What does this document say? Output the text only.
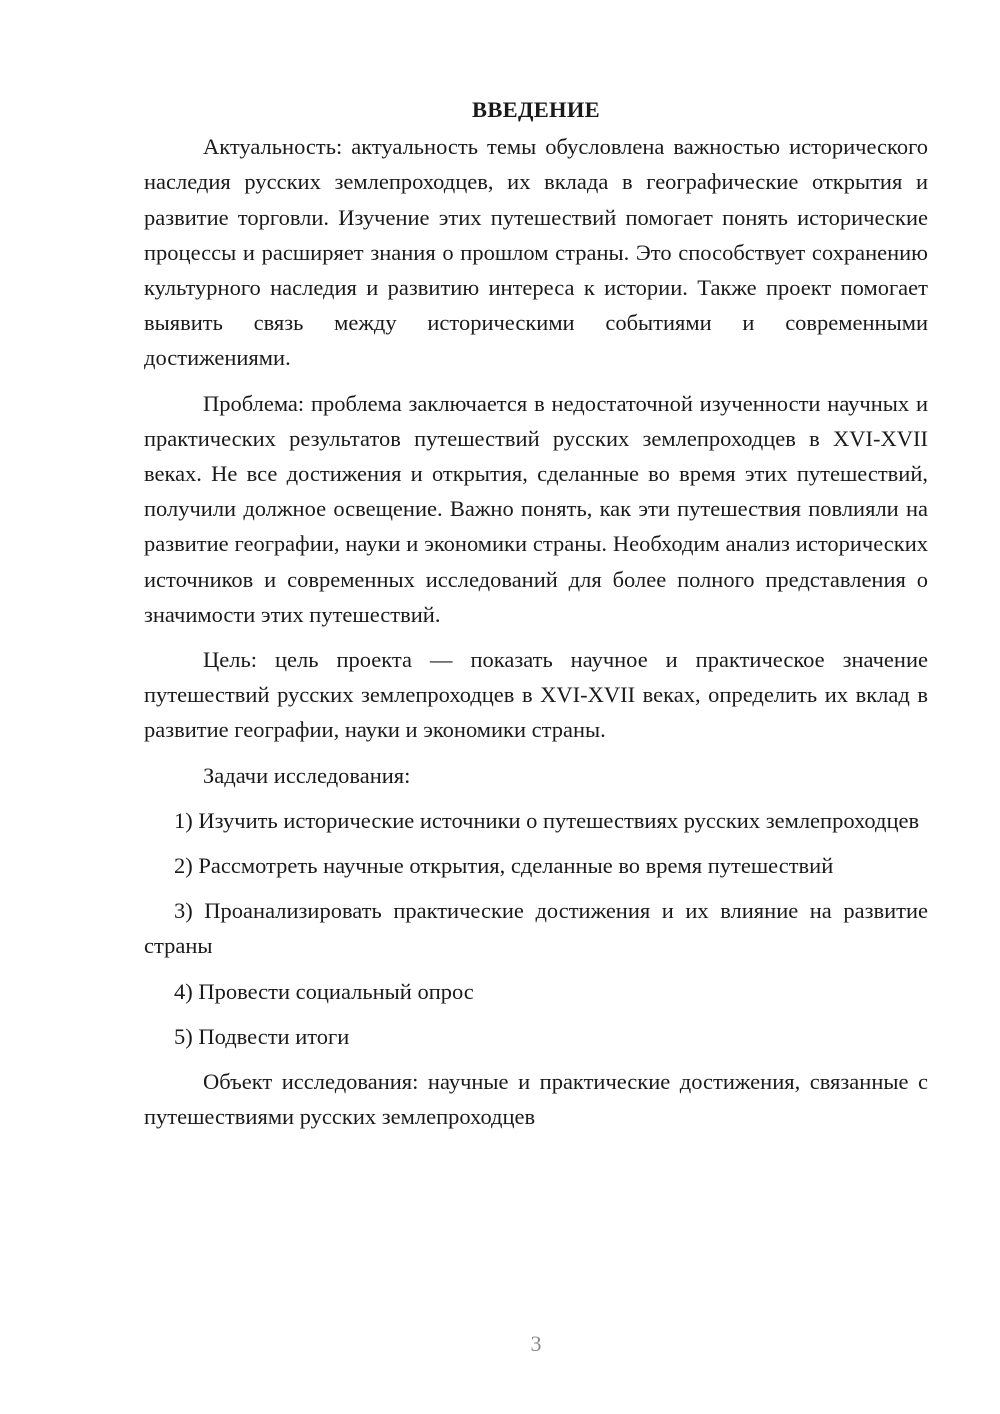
ВВЕДЕНИЕ

Актуальность: актуальность темы обусловлена важностью исторического наследия русских землепроходцев, их вклада в географические открытия и развитие торговли. Изучение этих путешествий помогает понять исторические процессы и расширяет знания о прошлом страны. Это способствует сохранению культурного наследия и развитию интереса к истории. Также проект помогает выявить связь между историческими событиями и современными достижениями.

Проблема: проблема заключается в недостаточной изученности научных и практических результатов путешествий русских землепроходцев в XVI-XVII веках. Не все достижения и открытия, сделанные во время этих путешествий, получили должное освещение. Важно понять, как эти путешествия повлияли на развитие географии, науки и экономики страны. Необходим анализ исторических источников и современных исследований для более полного представления о значимости этих путешествий.

Цель: цель проекта — показать научное и практическое значение путешествий русских землепроходцев в XVI-XVII веках, определить их вклад в развитие географии, науки и экономики страны.

Задачи исследования:

1) Изучить исторические источники о путешествиях русских землепроходцев

2) Рассмотреть научные открытия, сделанные во время путешествий

3) Проанализировать практические достижения и их влияние на развитие страны

4) Провести социальный опрос

5) Подвести итоги

Объект исследования: научные и практические достижения, связанные с путешествиями русских землепроходцев

3
